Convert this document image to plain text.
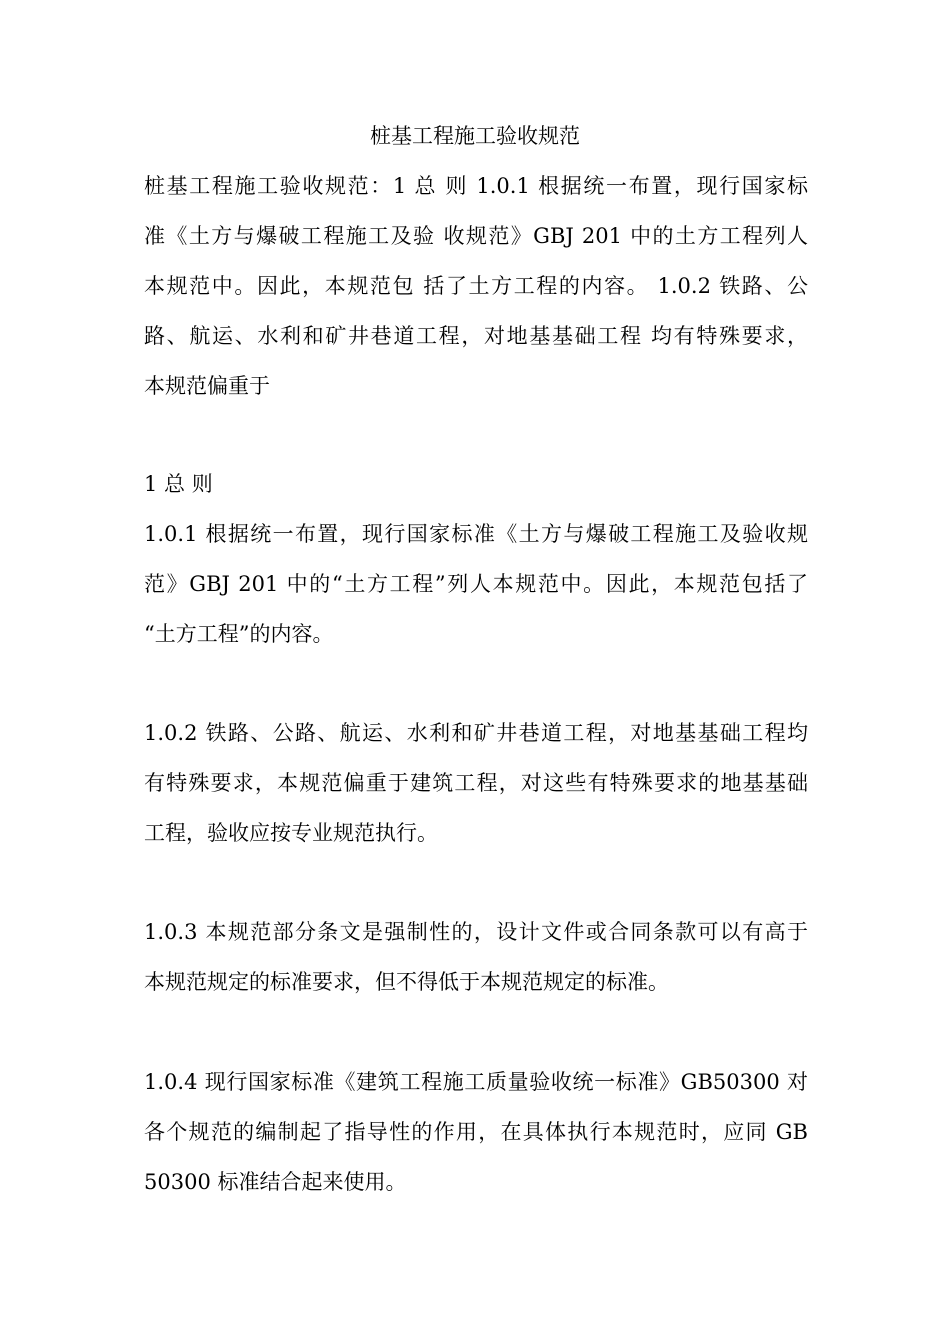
桩基工程施工验收规范
桩基工程施工验收规范：1 总 则 1.0.1 根据统一布置，现行国家标
准《土方与爆破工程施工及验 收规范》GBJ 201 中的土方工程列人
本规范中。因此，本规范包 括了土方工程的内容。 1.0.2 铁路、公
路、航运、水利和矿井巷道工程，对地基基础工程 均有特殊要求，
本规范偏重于
1 总 则
1.0.1 根据统一布置，现行国家标准《土方与爆破工程施工及验收规
范》GBJ 201 中的“土方工程”列人本规范中。因此，本规范包括了
“土方工程”的内容。
1.0.2 铁路、公路、航运、水利和矿井巷道工程，对地基基础工程均
有特殊要求，本规范偏重于建筑工程，对这些有特殊要求的地基基础
工程，验收应按专业规范执行。
1.0.3 本规范部分条文是强制性的，设计文件或合同条款可以有高于
本规范规定的标准要求，但不得低于本规范规定的标准。
1.0.4 现行国家标准《建筑工程施工质量验收统一标准》GB50300 对
各个规范的编制起了指导性的作用，在具体执行本规范时，应同 GB
50300 标准结合起来使用。
